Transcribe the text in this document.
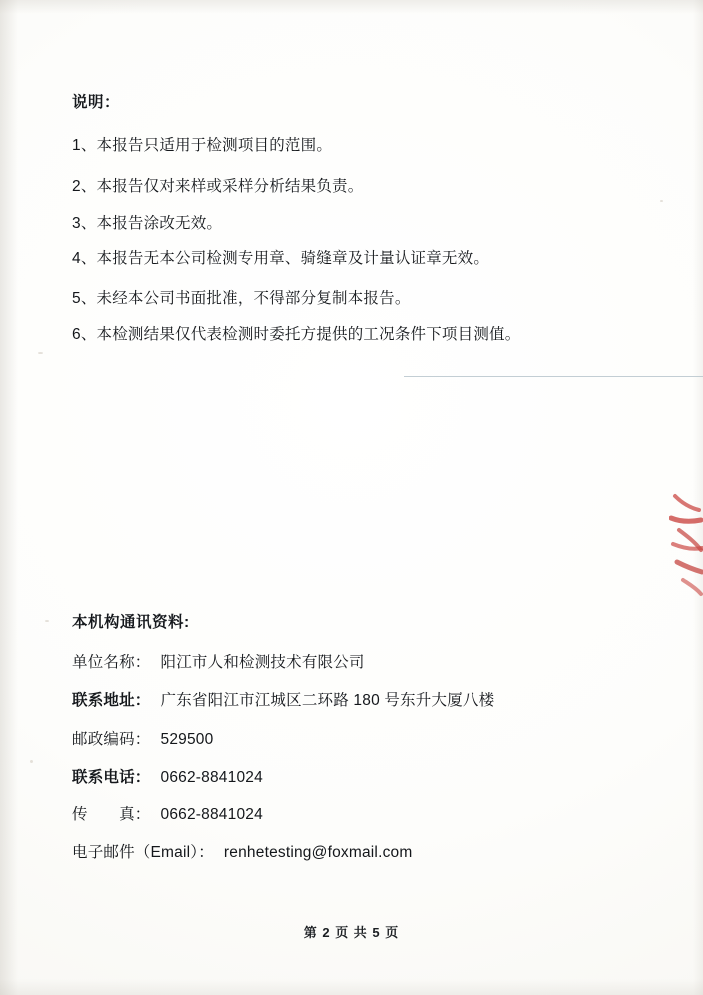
说明：
1、本报告只适用于检测项目的范围。
2、本报告仅对来样或采样分析结果负责。
3、本报告涂改无效。
4、本报告无本公司检测专用章、骑缝章及计量认证章无效。
5、未经本公司书面批准，不得部分复制本报告。
6、本检测结果仅代表检测时委托方提供的工况条件下项目测值。
本机构通讯资料:
单位名称： 阳江市人和检测技术有限公司
联系地址： 广东省阳江市江城区二环路 180 号东升大厦八楼
邮政编码： 529500
联系电话： 0662-8841024
传　　真： 0662-8841024
电子邮件（Email）： renhetesting@foxmail.com
第 2 页 共 5 页
